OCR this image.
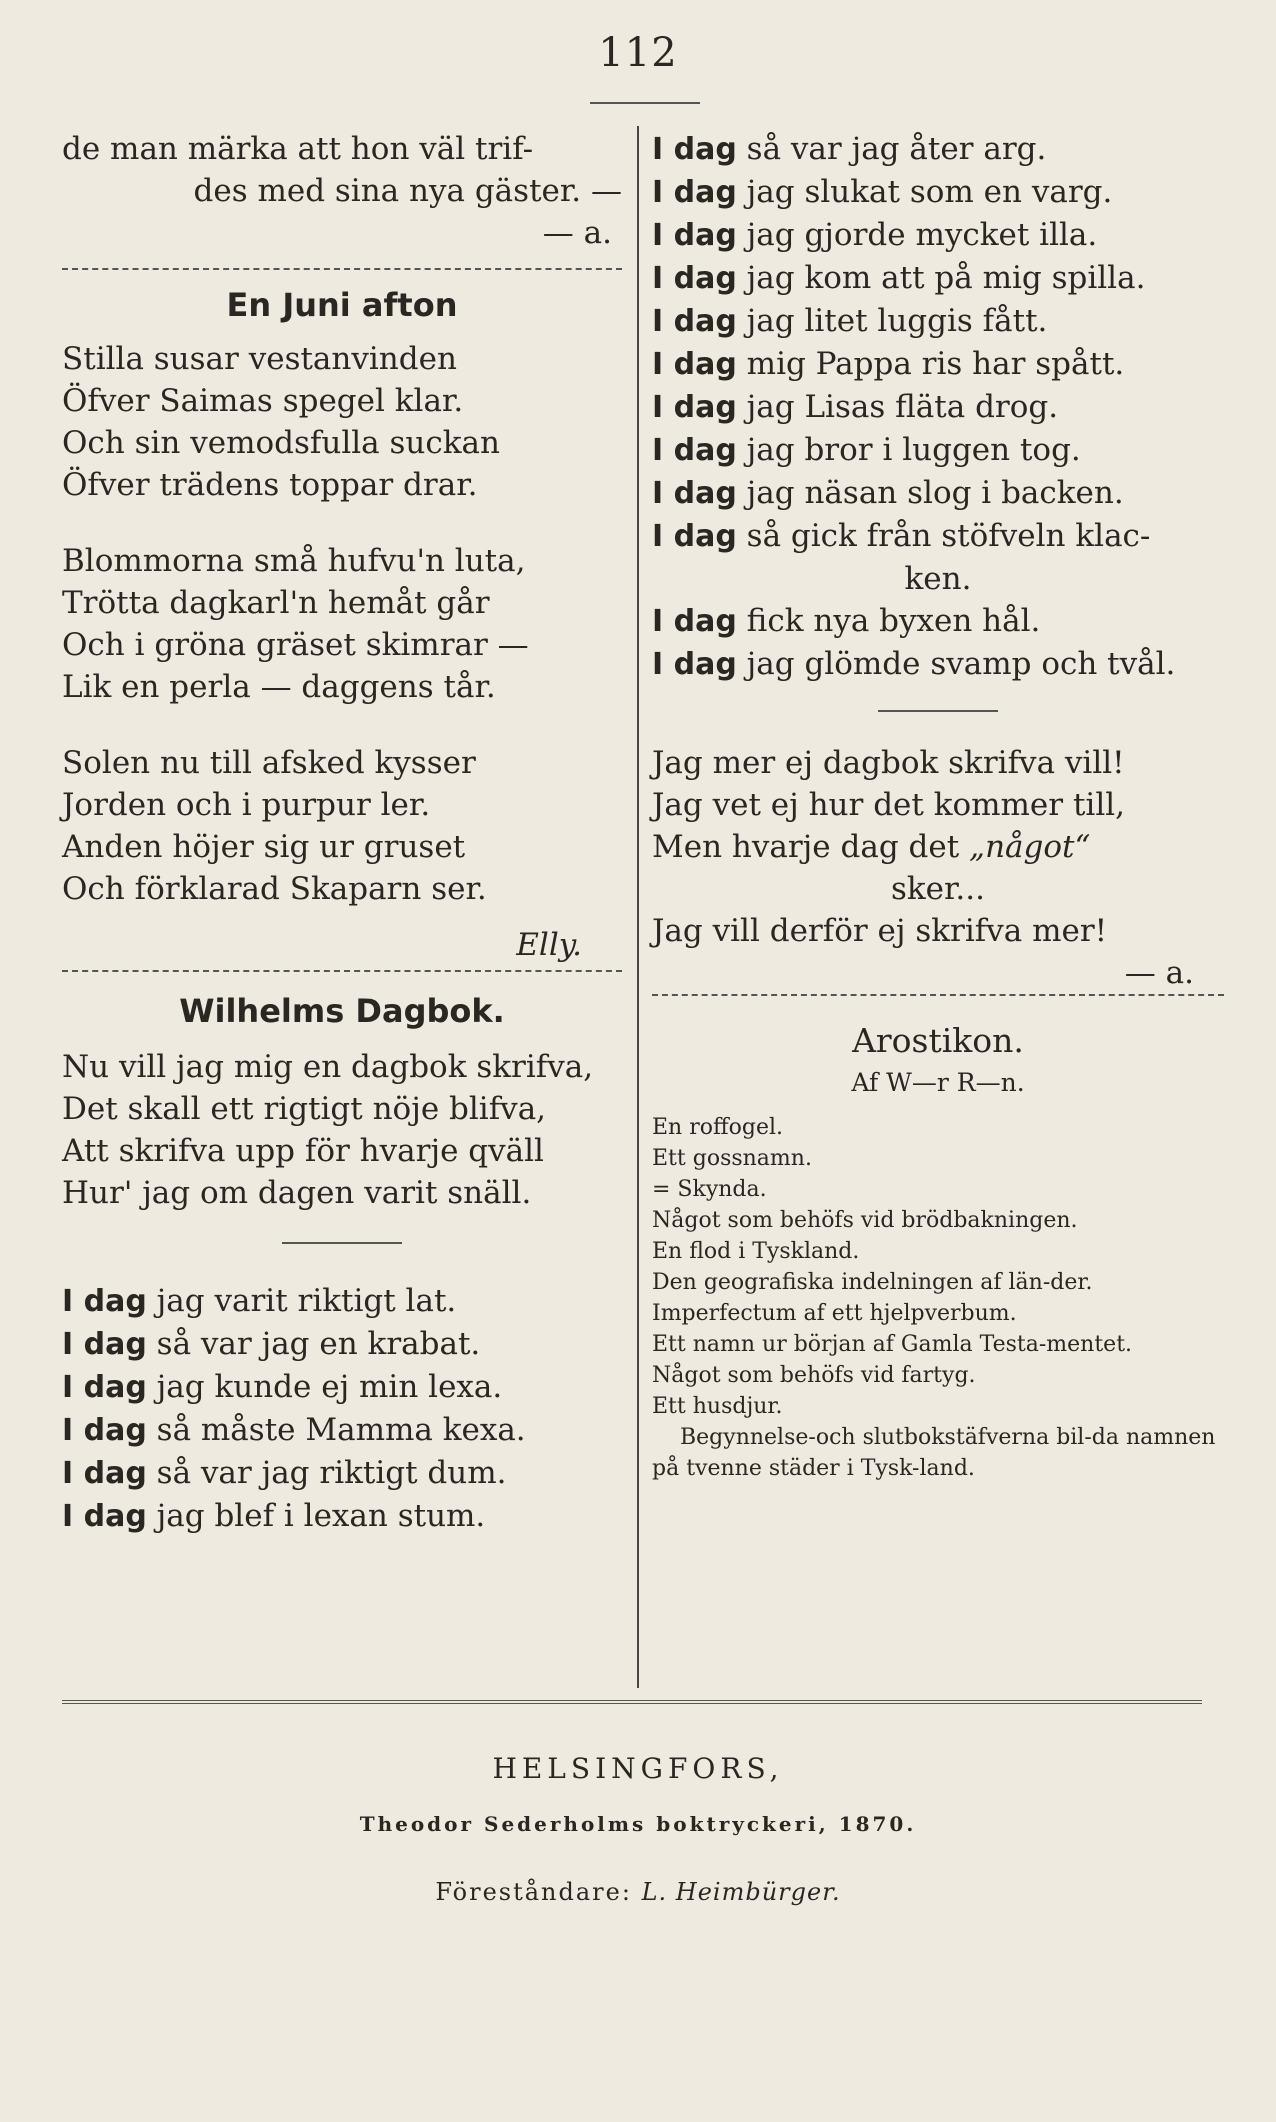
112
de man märka att hon väl trif-
des med sina nya gäster. —
— a.
En Juni afton
Stilla susar vestanvinden
Öfver Saimas spegel klar.
Och sin vemodsfulla suckan
Öfver trädens toppar drar.
Blommorna små hufvu'n luta,
Trötta dagkarl'n hemåt går
Och i gröna gräset skimrar —
Lik en perla — daggens tår.
Solen nu till afsked kysser
Jorden och i purpur ler.
Anden höjer sig ur gruset
Och förklarad Skaparn ser.
Elly.
Wilhelms Dagbok.
Nu vill jag mig en dagbok skrifva,
Det skall ett rigtigt nöje blifva,
Att skrifva upp för hvarje qväll
Hur' jag om dagen varit snäll.
I dag jag varit riktigt lat.
I dag så var jag en krabat.
I dag jag kunde ej min lexa.
I dag så måste Mamma kexa.
I dag så var jag riktigt dum.
I dag jag blef i lexan stum.
I dag så var jag åter arg.
I dag jag slukat som en varg.
I dag jag gjorde mycket illa.
I dag jag kom att på mig spilla.
I dag jag litet luggis fått.
I dag mig Pappa ris har spått.
I dag jag Lisas fläta drog.
I dag jag bror i luggen tog.
I dag jag näsan slog i backen.
I dag så gick från stöfveln klac-
ken.
I dag fick nya byxen hål.
I dag jag glömde svamp och tvål.
Jag mer ej dagbok skrifva vill!
Jag vet ej hur det kommer till,
Men hvarje dag det „något“
sker...
Jag vill derför ej skrifva mer!
— a.
Arostikon.
Af W—r R—n.
En roffogel.
Ett gossnamn.
= Skynda.
Något som behöfs vid brödbakningen.
En flod i Tyskland.
Den geografiska indelningen af län-der.
Imperfectum af ett hjelpverbum.
Ett namn ur början af Gamla Testa-mentet.
Något som behöfs vid fartyg.
Ett husdjur.
Begynnelse-och slutbokstäfverna bil-da namnen på tvenne städer i Tysk-land.
HELSINGFORS,
Theodor Sederholms boktryckeri, 1870.
Föreståndare: L. Heimbürger.
